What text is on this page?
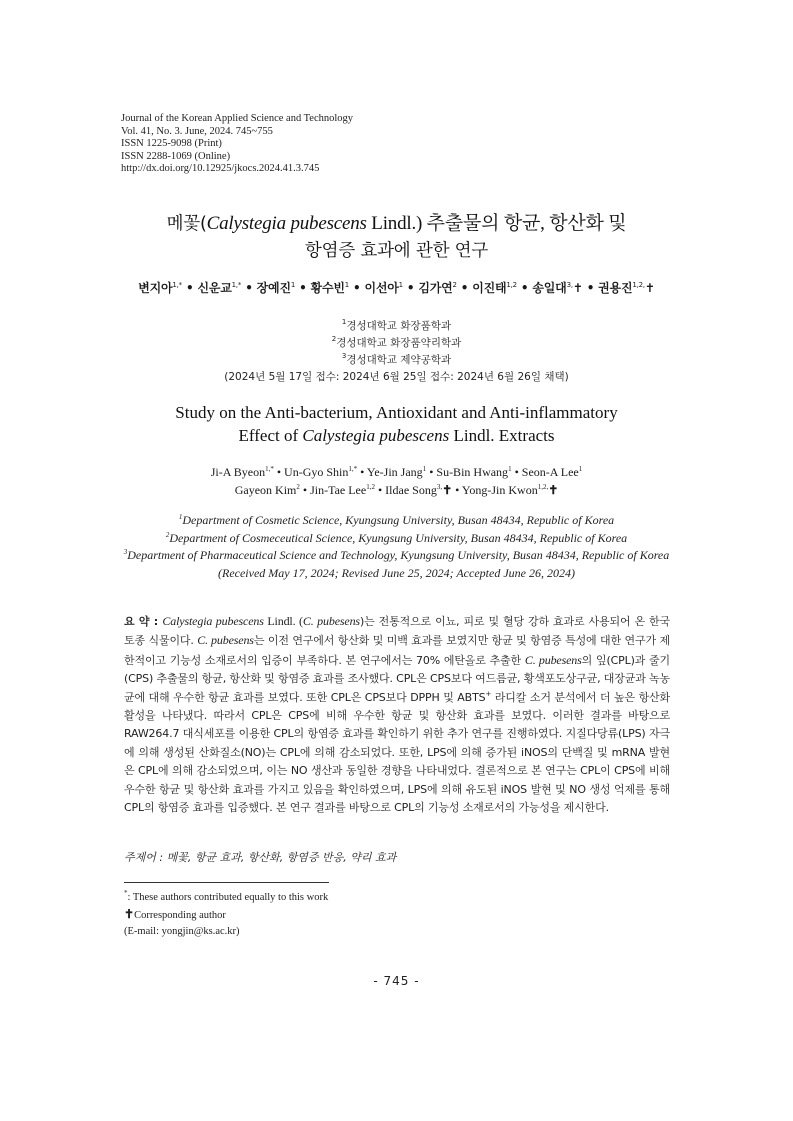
Journal of the Korean Applied Science and Technology
Vol. 41, No. 3. June, 2024. 745~755
ISSN 1225-9098 (Print)
ISSN 2288-1069 (Online)
http://dx.doi.org/10.12925/jkocs.2024.41.3.745
메꽃(Calystegia pubescens Lindl.) 추출물의 항균, 항산화 및
항염증 효과에 관한 연구
변지아$^{1,*}$ • 신운교$^{1,*}$ • 장예진$^1$ • 황수빈$^1$ • 이선아$^1$ • 김가연$^2$ • 이진태$^{1,2}$ • 송일대$^{3,}$✝ • 권용진$^{1,2,}$✝
$^1$경성대학교 화장품학과
$^2$경성대학교 화장품약리학과
$^3$경성대학교 제약공학과
(2024년 5월 17일 접수: 2024년 6월 25일 접수: 2024년 6월 26일 채택)
Study on the Anti-bacterium, Antioxidant and Anti-inflammatory
Effect of Calystegia pubescens Lindl. Extracts
Ji-A Byeon$^{1,*}$ • Un-Gyo Shin$^{1,*}$ • Ye-Jin Jang$^1$ • Su-Bin Hwang$^1$ • Seon-A Lee$^1$
Gayeon Kim$^2$ • Jin-Tae Lee$^{1,2}$ • Ildae Song$^{3,}$✝ • Yong-Jin Kwon$^{1,2,}$✝
$^1$Department of Cosmetic Science, Kyungsung University, Busan 48434, Republic of Korea
$^2$Department of Cosmeceutical Science, Kyungsung University, Busan 48434, Republic of Korea
$^3$Department of Pharmaceutical Science and Technology, Kyungsung University, Busan 48434, Republic of Korea
(Received May 17, 2024; Revised June 25, 2024; Accepted June 26, 2024)
요 약 : Calystegia pubescens Lindl. (C. pubesens)는 전통적으로 이뇨, 피로 및 혈당 강하 효과로 사용되어 온 한국 토종 식물이다. C. pubesens는 이전 연구에서 항산화 및 미백 효과를 보였지만 항균 및 항염증 특성에 대한 연구가 제한적이고 기능성 소재로서의 입증이 부족하다. 본 연구에서는 70% 에탄올로 추출한 C. pubesens의 잎(CPL)과 줄기(CPS) 추출물의 항균, 항산화 및 항염증 효과를 조사했다. CPL은 CPS보다 여드름균, 황색포도상구균, 대장균과 녹농균에 대해 우수한 항균 효과를 보였다. 또한 CPL은 CPS보다 DPPH 및 ABTS+ 라디칼 소거 분석에서 더 높은 항산화 활성을 나타냈다. 따라서 CPL은 CPS에 비해 우수한 항균 및 항산화 효과를 보였다. 이러한 결과를 바탕으로 RAW264.7 대식세포를 이용한 CPL의 항염증 효과를 확인하기 위한 추가 연구를 진행하였다. 지질다당류(LPS) 자극에 의해 생성된 산화질소(NO)는 CPL에 의해 감소되었다. 또한, LPS에 의해 증가된 iNOS의 단백질 및 mRNA 발현은 CPL에 의해 감소되었으며, 이는 NO 생산과 동일한 경향을 나타내었다. 결론적으로 본 연구는 CPL이 CPS에 비해 우수한 항균 및 항산화 효과를 가지고 있음을 확인하였으며, LPS에 의해 유도된 iNOS 발현 및 NO 생성 억제를 통해 CPL의 항염증 효과를 입증했다. 본 연구 결과를 바탕으로 CPL의 기능성 소재로서의 가능성을 제시한다.
주제어 : 메꽃, 항균 효과, 항산화, 항염증 반응, 약리 효과
*: These authors contributed equally to this work
✝Corresponding author
(E-mail: yongjin@ks.ac.kr)
- 745 -
